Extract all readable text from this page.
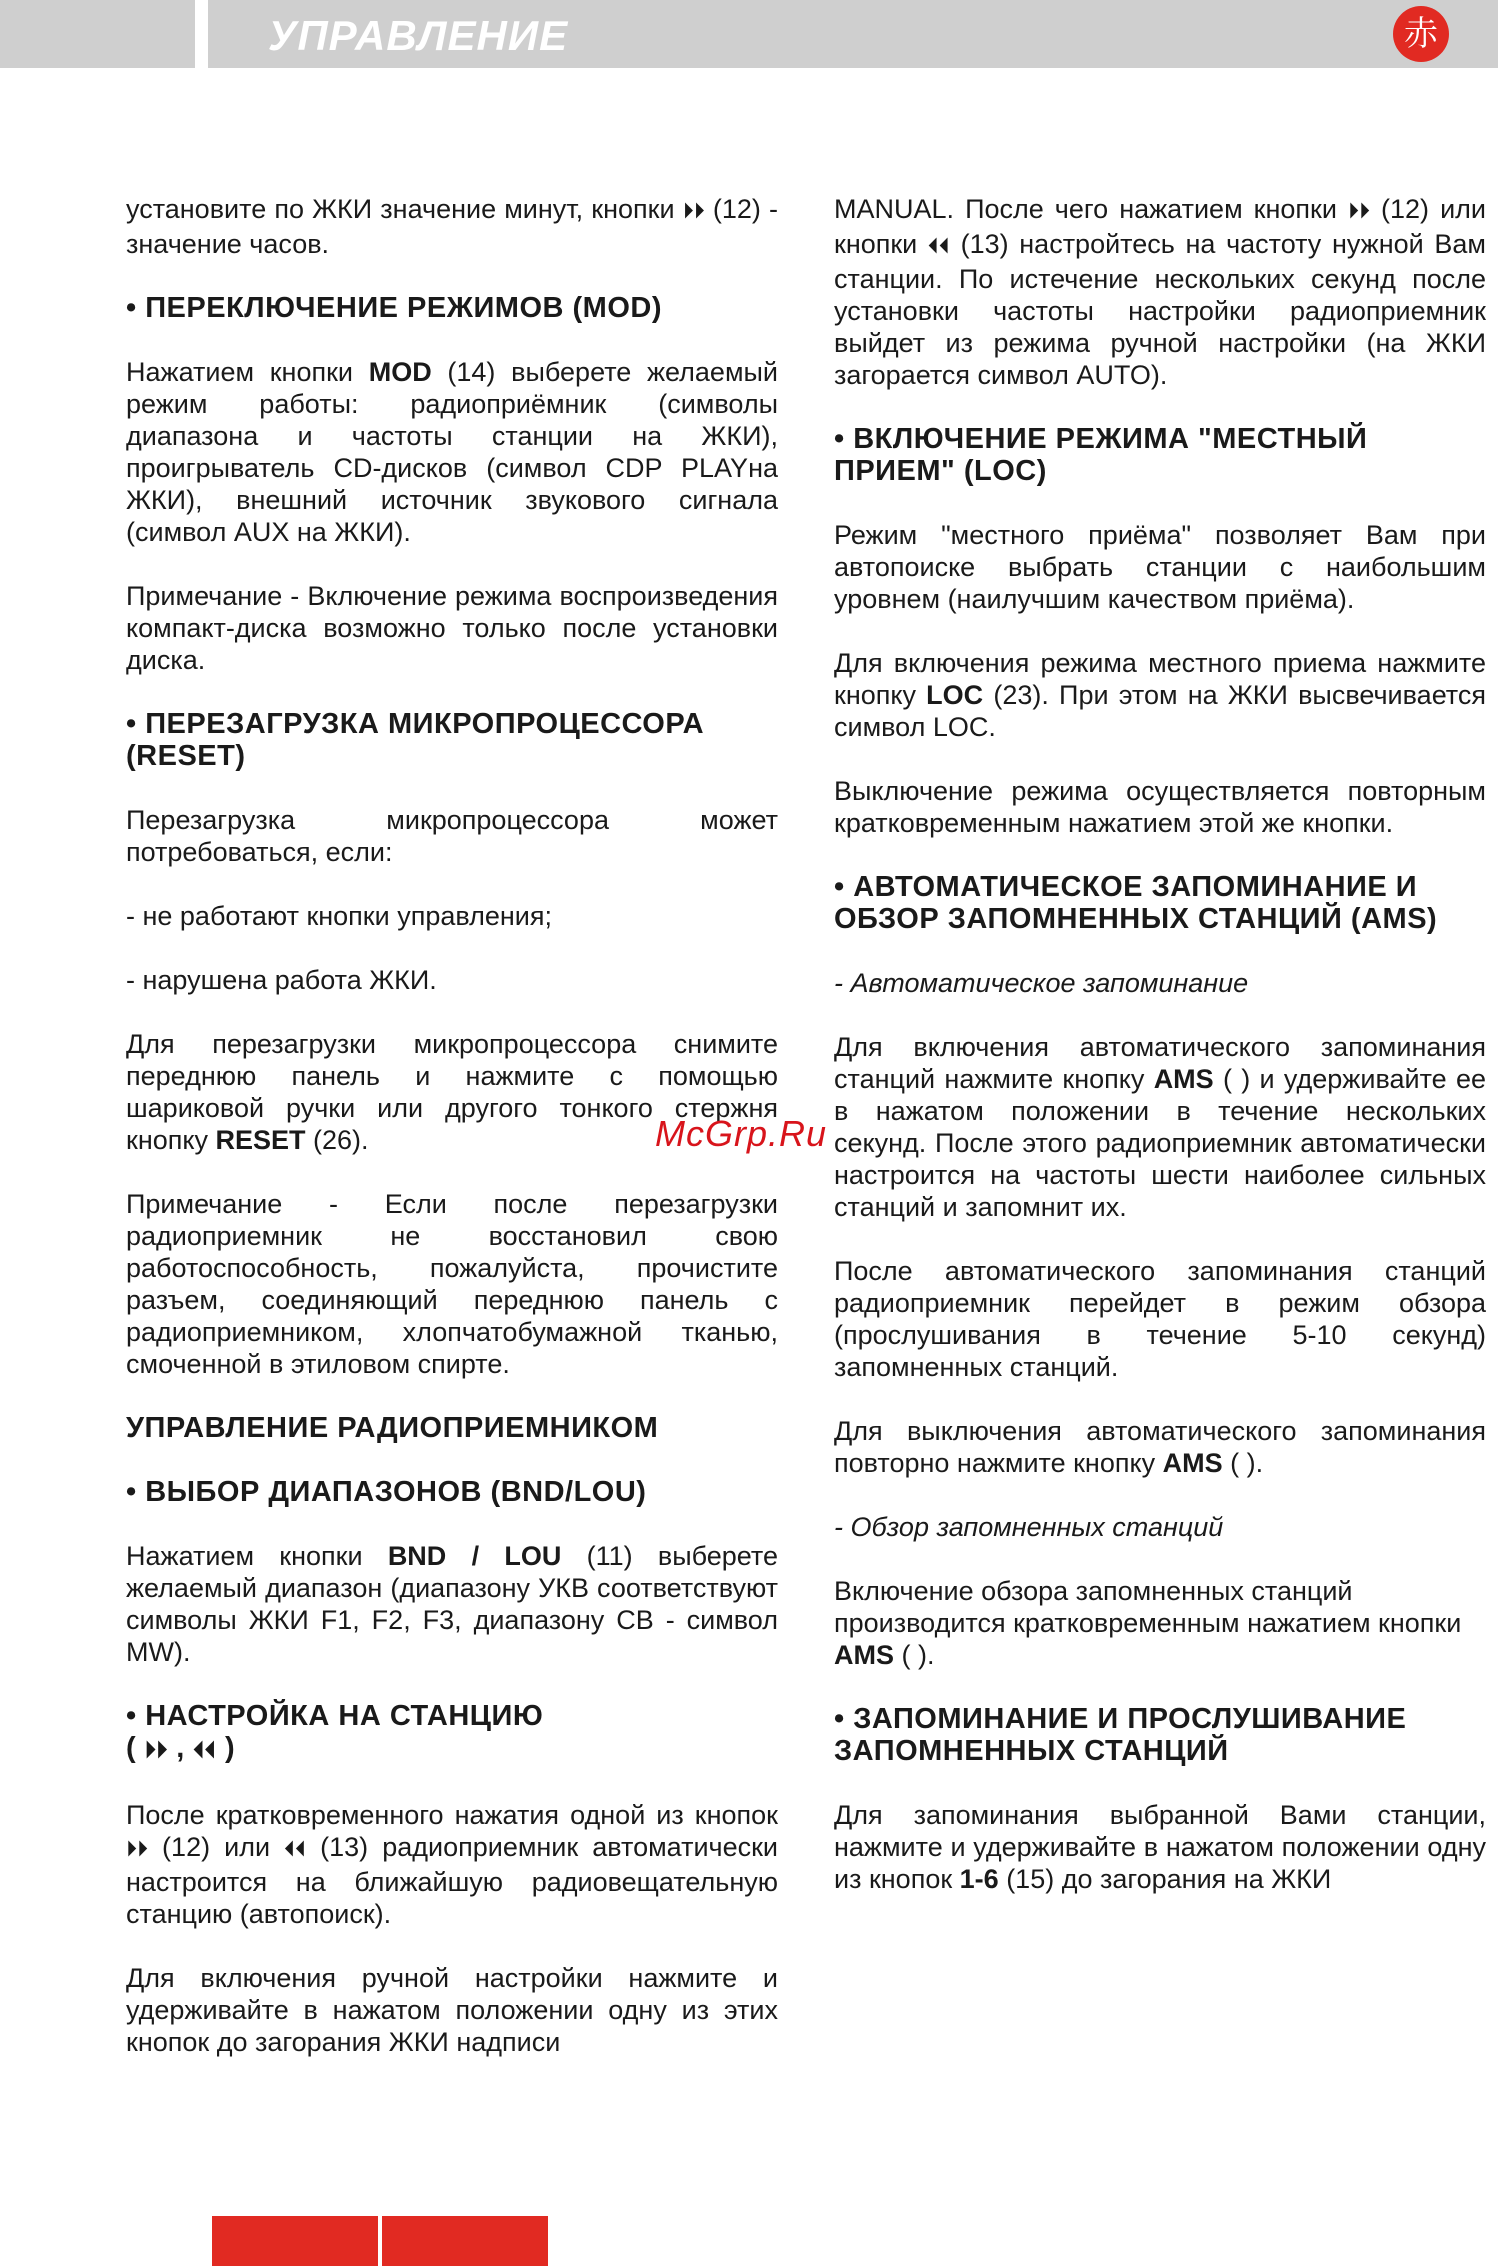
УПРАВЛЕНИЕ	赤

установите по ЖКИ значение минут, кнопки ⏵⏵ (12) - значение часов.

• ПЕРЕКЛЮЧЕНИЕ РЕЖИМОВ (MOD)

Нажатием кнопки MOD (14) выберете желаемый режим работы: радиоприёмник (символы диапазона и частоты станции на ЖКИ), проигрыватель CD-дисков (символ CDP PLAYна ЖКИ), внешний источник звукового сигнала (символ AUX на ЖКИ).

Примечание - Включение режима воспроизведения компакт-диска возможно только после установки диска.

• ПЕРЕЗАГРУЗКА МИКРОПРОЦЕССОРА (RESET)

Перезагрузка микропроцессора может потребоваться, если:

- не работают кнопки управления;

- нарушена работа ЖКИ.

Для перезагрузки микропроцессора снимите переднюю панель и нажмите с помощью шариковой ручки или другого тонкого стержня кнопку RESET (26).

Примечание - Если после перезагрузки радиоприемник не восстановил свою работоспособность, пожалуйста, прочистите разъем, соединяющий переднюю панель с радиоприемником, хлопчатобумажной тканью, смоченной в этиловом спирте.

УПРАВЛЕНИЕ РАДИОПРИЕМНИКОМ
• ВЫБОР ДИАПАЗОНОВ (BND/LOU)

Нажатием кнопки BND / LOU (11) выберете желаемый диапазон (диапазону УКВ соответствуют символы ЖКИ F1, F2, F3, диапазону СВ - символ MW).

• НАСТРОЙКА НА СТАНЦИЮ
( ⏵⏵ , ⏴⏴ )

После кратковременного нажатия одной из кнопок ⏵⏵ (12) или ⏴⏴ (13) радиоприемник автоматически настроится на ближайшую радиовещательную станцию (автопоиск).

Для включения ручной настройки нажмите и удерживайте в нажатом положении одну из этих кнопок до загорания ЖКИ надписи

MANUAL. После чего нажатием кнопки ⏵⏵ (12) или кнопки ⏴⏴ (13) настройтесь на частоту нужной Вам станции. По истечение нескольких секунд после установки частоты настройки радиоприемник выйдет из режима ручной настройки (на ЖКИ загорается символ AUTO).

• ВКЛЮЧЕНИЕ РЕЖИМА "МЕСТНЫЙ ПРИЕМ" (LOC)

Режим "местного приёма" позволяет Вам при автопоиске выбрать станции с наибольшим уровнем (наилучшим качеством приёма).

Для включения режима местного приема нажмите кнопку LOC (23). При этом на ЖКИ высвечивается символ LOC.

Выключение режима осуществляется повторным кратковременным нажатием этой же кнопки.

• АВТОМАТИЧЕСКОЕ ЗАПОМИНАНИЕ И ОБЗОР ЗАПОМНЕННЫХ СТАНЦИЙ (AMS)

- Автоматическое запоминание

Для включения автоматического запоминания станций нажмите кнопку AMS ( ) и удерживайте ее в нажатом положении в течение нескольких секунд. После этого радиоприемник автоматически настроится на частоты шести наиболее сильных станций и запомнит их.

После автоматического запоминания станций радиоприемник перейдет в режим обзора (прослушивания в течение 5-10 секунд) запомненных станций.

Для выключения автоматического запоминания повторно нажмите кнопку AMS ( ).

- Обзор запомненных станций

Включение обзора запомненных станций производится кратковременным нажатием кнопки AMS ( ).

• ЗАПОМИНАНИЕ И ПРОСЛУШИВАНИЕ ЗАПОМНЕННЫХ СТАНЦИЙ

Для запоминания выбранной Вами станции, нажмите и удерживайте в нажатом положении одну из кнопок 1-6 (15) до загорания на ЖКИ

McGrp.Ru
